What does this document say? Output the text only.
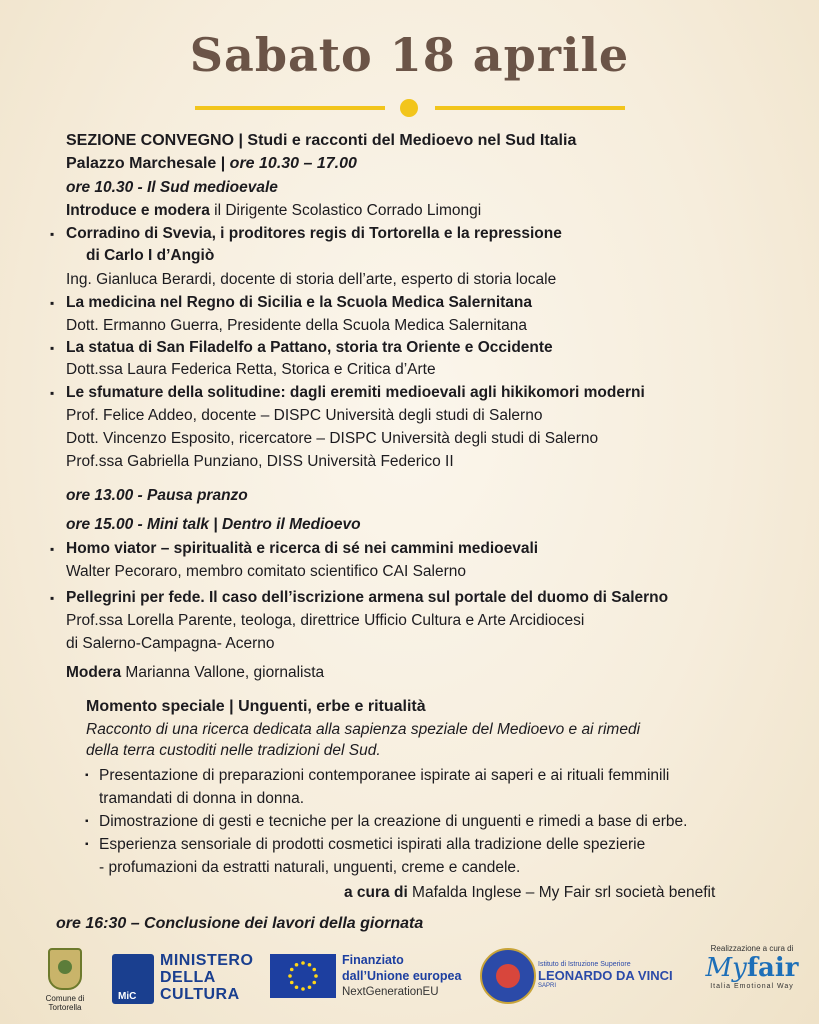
Sabato 18 aprile
SEZIONE CONVEGNO | Studi e racconti del Medioevo nel Sud Italia
Palazzo Marchesale | ore 10.30 – 17.00
ore 10.30 - Il Sud medioevale
Introduce e modera il Dirigente Scolastico Corrado Limongi
▪ Corradino di Svevia, i proditores regis di Tortorella e la repressione
di Carlo I d’Angiò
Ing. Gianluca Berardi, docente di storia dell’arte, esperto di storia locale
▪ La medicina nel Regno di Sicilia e la Scuola Medica Salernitana
Dott. Ermanno Guerra, Presidente della Scuola Medica Salernitana
▪ La statua di San Filadelfo a Pattano, storia tra Oriente e Occidente
Dott.ssa Laura Federica Retta, Storica e Critica d’Arte
▪ Le sfumature della solitudine: dagli eremiti medioevali agli hikikomori moderni
Prof. Felice Addeo, docente – DISPC Università degli studi di Salerno
Dott. Vincenzo Esposito, ricercatore – DISPC Università degli studi di Salerno
Prof.ssa Gabriella Punziano, DISS Università Federico II
ore 13.00 - Pausa pranzo
ore 15.00 - Mini talk | Dentro il Medioevo
▪ Homo viator – spiritualità e ricerca di sé nei cammini medioevali
Walter Pecoraro, membro comitato scientifico CAI Salerno
▪ Pellegrini per fede. Il caso dell’iscrizione armena sul portale del duomo di Salerno
Prof.ssa Lorella Parente, teologa, direttrice Ufficio Cultura e Arte Arcidiocesi
di Salerno-Campagna- Acerno
Modera Marianna Vallone, giornalista
Momento speciale | Unguenti, erbe e ritualità
Racconto di una ricerca dedicata alla sapienza speziale del Medioevo e ai rimedi
della terra custoditi nelle tradizioni del Sud.
▪ Presentazione di preparazioni contemporanee ispirate ai saperi e ai rituali femminili
tramandati di donna in donna.
▪ Dimostrazione di gesti e tecniche per la creazione di unguenti e rimedi a base di erbe.
▪ Esperienza sensoriale di prodotti cosmetici ispirati alla tradizione delle spezierie
- profumazioni da estratti naturali, unguenti, creme e candele.
a cura di Mafalda Inglese – My Fair srl società benefit
ore 16:30 – Conclusione dei lavori della giornata
Comune di Tortorella
MiC
MINISTERO
DELLA
CULTURA
Finanziato
dall’Unione europea
NextGenerationEU
Istituto di Istruzione Superiore
LEONARDO DA VINCI
SAPRI
Realizzazione a cura di
Myfair
Italia Emotional Way
